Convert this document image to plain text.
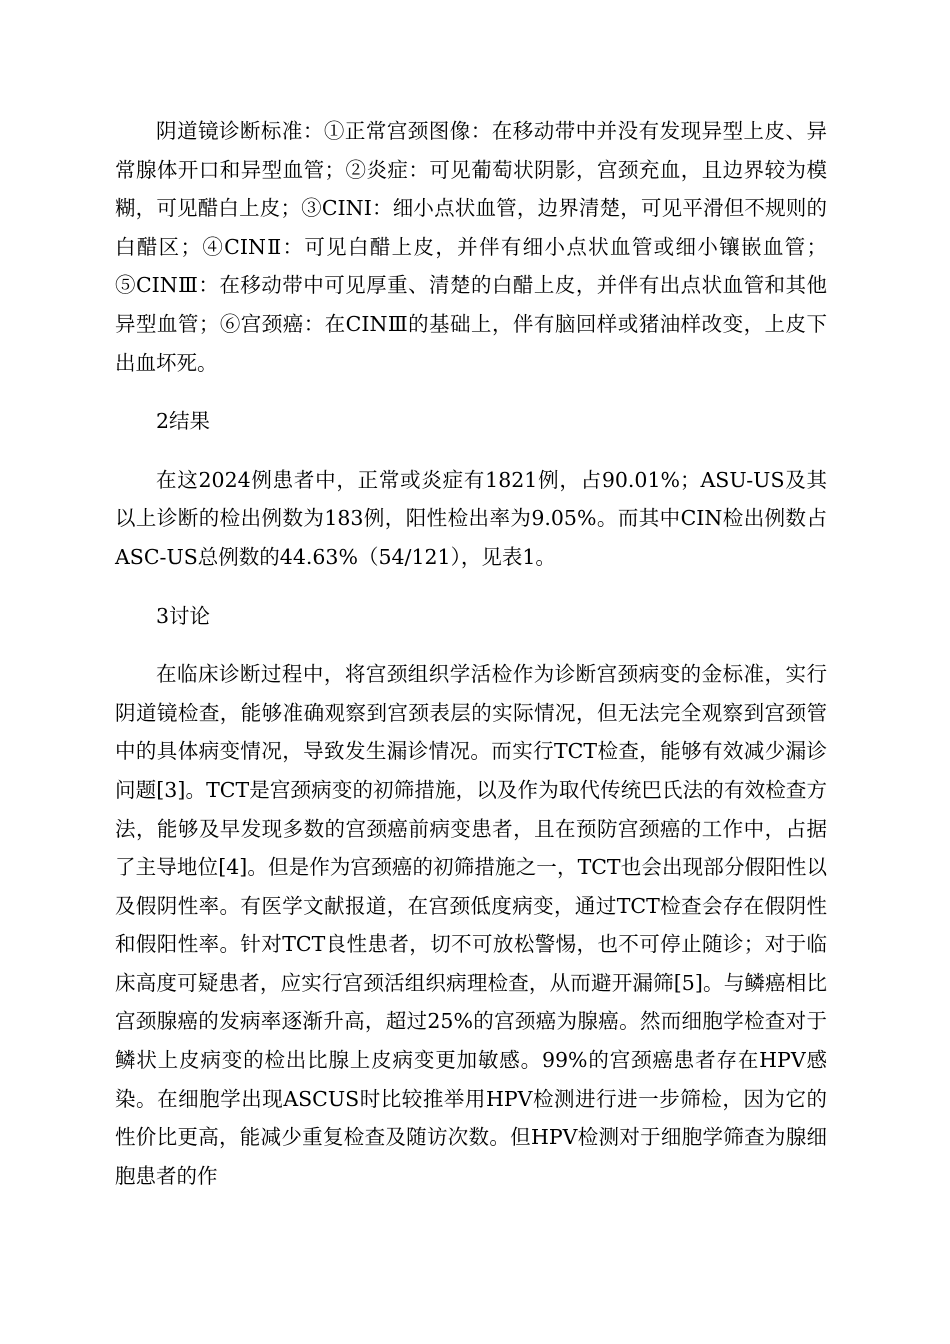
阴道镜诊断标准：①正常宫颈图像：在移动带中并没有发现异型上皮、异常腺体开口和异型血管；②炎症：可见葡萄状阴影，宫颈充血，且边界较为模糊，可见醋白上皮；③CINⅠ：细小点状血管，边界清楚，可见平滑但不规则的白醋区；④CINⅡ：可见白醋上皮，并伴有细小点状血管或细小镶嵌血管；⑤CINⅢ：在移动带中可见厚重、清楚的白醋上皮，并伴有出点状血管和其他异型血管；⑥宫颈癌：在CINⅢ的基础上，伴有脑回样或猪油样改变，上皮下出血坏死。

2结果

在这2024例患者中，正常或炎症有1821例，占90.01%；ASU-US及其以上诊断的检出例数为183例，阳性检出率为9.05%。而其中CIN检出例数占ASC-US总例数的44.63%（54/121），见表1。

3讨论

在临床诊断过程中，将宫颈组织学活检作为诊断宫颈病变的金标准，实行阴道镜检查，能够准确观察到宫颈表层的实际情况，但无法完全观察到宫颈管中的具体病变情况，导致发生漏诊情况。而实行TCT检查，能够有效减少漏诊问题[3]。TCT是宫颈病变的初筛措施，以及作为取代传统巴氏法的有效检查方法，能够及早发现多数的宫颈癌前病变患者，且在预防宫颈癌的工作中，占据了主导地位[4]。但是作为宫颈癌的初筛措施之一，TCT也会出现部分假阳性以及假阴性率。有医学文献报道，在宫颈低度病变，通过TCT检查会存在假阴性和假阳性率。针对TCT良性患者，切不可放松警惕，也不可停止随诊；对于临床高度可疑患者，应实行宫颈活组织病理检查，从而避开漏筛[5]。与鳞癌相比宫颈腺癌的发病率逐渐升高，超过25%的宫颈癌为腺癌。然而细胞学检查对于鳞状上皮病变的检出比腺上皮病变更加敏感。99%的宫颈癌患者存在HPV感染。在细胞学出现ASCUS时比较推举用HPV检测进行进一步筛检，因为它的性价比更高，能减少重复检查及随访次数。但HPV检测对于细胞学筛查为腺细胞患者的作
